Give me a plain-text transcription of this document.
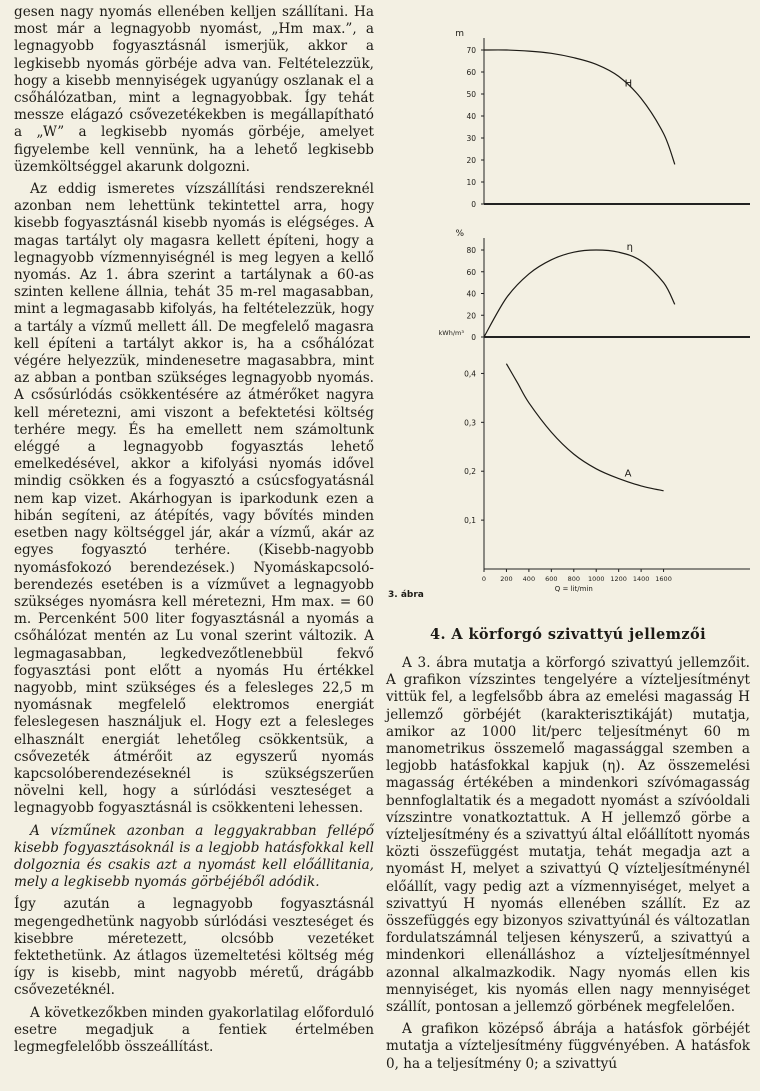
gesen nagy nyomás ellenében kelljen szállítani. Ha most már a legnagyobb nyomást, „Hm max.”, a legnagyobb fogyasztásnál ismerjük, akkor a legkisebb nyomás görbéje adva van. Feltételezzük, hogy a kisebb mennyiségek ugyanúgy oszlanak el a csőhálózatban, mint a legnagyobbak. Így tehát messze elágazó csővezetékekben is megállapítható a „W” a legkisebb nyomás görbéje, amelyet figyelembe kell vennünk, ha a lehető legkisebb üzemköltséggel akarunk dolgozni.

Az eddig ismeretes vízszállítási rendszereknél azonban nem lehettünk tekintettel arra, hogy kisebb fogyasztásnál kisebb nyomás is elégséges. A magas tartályt oly magasra kellett építeni, hogy a legnagyobb vízmennyiségnél is meg legyen a kellő nyomás. Az 1. ábra szerint a tartálynak a 60-as szinten kellene állnia, tehát 35 m-rel magasabban, mint a legmagasabb kifolyás, ha feltételezzük, hogy a tartály a vízmű mellett áll. De megfelelő magasra kell építeni a tartályt akkor is, ha a csőhálózat végére helyezzük, mindenesetre magasabbra, mint az abban a pontban szükséges legnagyobb nyomás. A csősúrlódás csökkentésére az átmérőket nagyra kell méretezni, ami viszont a befektetési költség terhére megy. És ha emellett nem számoltunk eléggé a legnagyobb fogyasztás lehető emelkedésével, akkor a kifolyási nyomás idővel mindig csökken és a fogyasztó a csúcsfogyatásnál nem kap vizet. Akárhogyan is iparkodunk ezen a hibán segíteni, az átépítés, vagy bővítés minden esetben nagy költséggel jár, akár a vízmű, akár az egyes fogyasztó terhére. (Kisebb-nagyobb nyomásfokozó berendezések.) Nyomáskapcsoló-berendezés esetében is a vízművet a legnagyobb szükséges nyomásra kell méretezni, Hm max. = 60 m. Percenként 500 liter fogyasztásnál a nyomás a csőhálózat mentén az Lu vonal szerint változik. A legmagasabban, legkedvezőtlenebbül fekvő fogyasztási pont előtt a nyomás Hu értékkel nagyobb, mint szükséges és a felesleges 22,5 m nyomásnak megfelelő elektromos energiát feleslegesen használjuk el. Hogy ezt a felesleges elhasznált energiát lehetőleg csökkentsük, a csővezeték átmérőit az egyszerű nyomás kapcsolóberendezéseknél is szükségszerűen növelni kell, hogy a súrlódási veszteséget a legnagyobb fogyasztásnál is csökkenteni lehessen.

A vízműnek azonban a leggyakrabban fellépő kisebb fogyasztásoknál is a legjobb hatásfokkal kell dolgoznia és csakis azt a nyomást kell előállitania, mely a legkisebb nyomás görbéjéből adódik.

Így azután a legnagyobb fogyasztásnál megengedhetünk nagyobb súrlódási veszteséget és kisebbre méretezett, olcsóbb vezetéket fektethetünk. Az átlagos üzemeltetési költség még így is kisebb, mint nagyobb méretű, drágább csővezetéknél.

A következőkben minden gyakorlatilag előforduló esetre megadjuk a fentiek értelmében legmegfelelőbb összeállítást.

m
0
10
20
30
40
50
60
70
H
%
0
20
40
60
80	η
kWh/m³
0,1
0,2
0,3
0,4
A
0 200 400 600 800 1000 1200 1400 1600
Q = lit/min
3. ábra
4. A körforgó szivattyú jellemzői

A 3. ábra mutatja a körforgó szivattyú jellemzőit. A grafikon vízszintes tengelyére a vízteljesítményt vittük fel, a legfelsőbb ábra az emelési magasság H jellemző görbéjét (karakterisztikáját) mutatja, amikor az 1000 lit/perc teljesítményt 60 m manometrikus összemelő magassággal szemben a legjobb hatásfokkal kapjuk (η). Az összemelési magasság értékében a mindenkori szívómagasság bennfoglaltatik és a megadott nyomást a szívóoldali vízszintre vonatkoztattuk. A H jellemző görbe a vízteljesítmény és a szivattyú által előállított nyomás közti összefüggést mutatja, tehát megadja azt a nyomást H, melyet a szivattyú Q vízteljesítménynél előállít, vagy pedig azt a vízmennyiséget, melyet a szivattyú H nyomás ellenében szállít. Ez az összefüggés egy bizonyos szivattyúnál és változatlan fordulatszámnál teljesen kényszerű, a szivattyú a mindenkori ellenálláshoz a vízteljesítménnyel azonnal alkalmazkodik. Nagy nyomás ellen kis mennyiséget, kis nyomás ellen nagy mennyiséget szállít, pontosan a jellemző görbének megfelelően.

A grafikon középső ábrája a hatásfok görbéjét mutatja a vízteljesítmény függvényében. A hatásfok 0, ha a teljesítmény 0; a szivattyú
